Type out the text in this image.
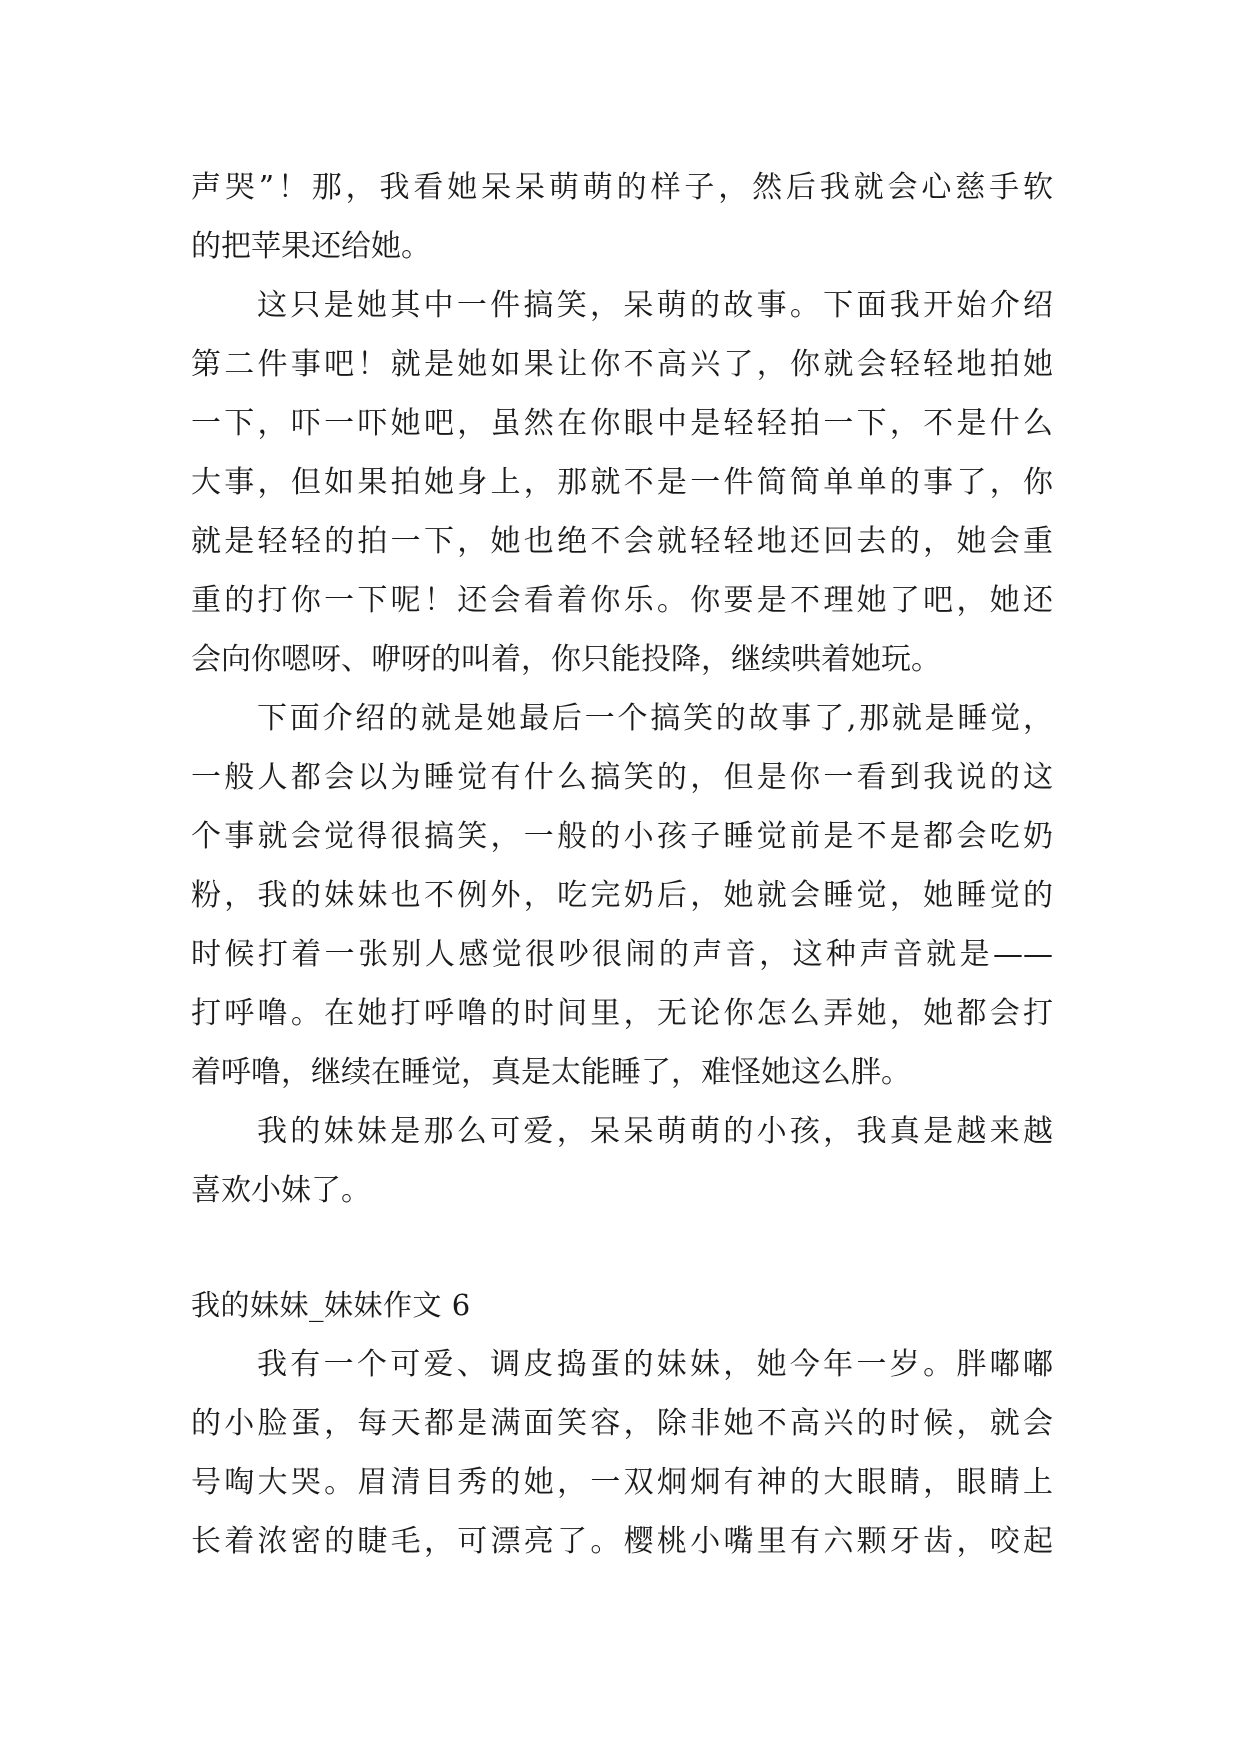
声哭”！那，我看她呆呆萌萌的样子，然后我就会心慈手软
的把苹果还给她。
这只是她其中一件搞笑，呆萌的故事。下面我开始介绍
第二件事吧！就是她如果让你不高兴了，你就会轻轻地拍她
一下，吓一吓她吧，虽然在你眼中是轻轻拍一下，不是什么
大事，但如果拍她身上，那就不是一件简简单单的事了，你
就是轻轻的拍一下，她也绝不会就轻轻地还回去的，她会重
重的打你一下呢！还会看着你乐。你要是不理她了吧，她还
会向你嗯呀、咿呀的叫着，你只能投降，继续哄着她玩。
下面介绍的就是她最后一个搞笑的故事了,那就是睡觉，
一般人都会以为睡觉有什么搞笑的，但是你一看到我说的这
个事就会觉得很搞笑，一般的小孩子睡觉前是不是都会吃奶
粉，我的妹妹也不例外，吃完奶后，她就会睡觉，她睡觉的
时候打着一张别人感觉很吵很闹的声音，这种声音就是——
打呼噜。在她打呼噜的时间里，无论你怎么弄她，她都会打
着呼噜，继续在睡觉，真是太能睡了，难怪她这么胖。
我的妹妹是那么可爱，呆呆萌萌的小孩，我真是越来越
喜欢小妹了。
我的妹妹_妹妹作文 6
我有一个可爱、调皮捣蛋的妹妹，她今年一岁。胖嘟嘟
的小脸蛋，每天都是满面笑容，除非她不高兴的时候，就会
号啕大哭。眉清目秀的她，一双炯炯有神的大眼睛，眼睛上
长着浓密的睫毛，可漂亮了。樱桃小嘴里有六颗牙齿，咬起
